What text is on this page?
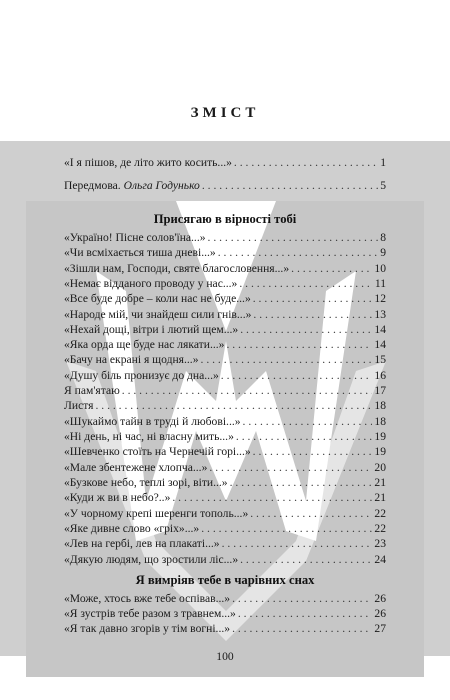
ЗМІСТ
«І я пішов, де літо жито косить...» . . .	1
Передмова. Ольга Годунько . . .	5
Присягаю в вірності тобі
«Україно! Пісне солов'їна...» . . .	8
«Чи всміхається тиша дневі...» . . .	9
«Зішли нам, Господи, святе благословення...» . . .	10
«Немає відданого проводу у нас...» . . .	11
«Все буде добре – коли нас не буде...» . . .	12
«Народе мій, чи знайдеш сили гнів...» . . .	13
«Нехай дощі, вітри і лютий щем...» . . .	14
«Яка орда ще буде нас лякати...» . . .	14
«Бачу на екрані я щодня...» . . .	15
«Душу біль пронизує до дна...» . . .	16
Я пам'ятаю . . .	17
Листя . . .	18
«Шукаймо тайн в труді й любові...» . . .	18
«Ні день, ні час, ні власну мить...» . . .	19
«Шевченко стоїть на Чернечій горі...» . . .	19
«Мале збентежене хлопча...» . . .	20
«Бузкове небо, теплі зорі, віти...» . . .	21
«Куди ж ви в небо?..» . . .	21
«У чорному крепі шеренги тополь...» . . .	22
«Яке дивне слово «гріх»...» . . .	22
«Лев на гербі, лев на плакаті...» . . .	23
«Дякую людям, що зростили ліс...» . . .	24
Я вимріяв тебе в чарівних снах
«Може, хтось вже тебе оспівав...» . . .	26
«Я зустрів тебе разом з травнем...» . . .	26
«Я так давно згорів у тім вогні...» . . .	27
100
